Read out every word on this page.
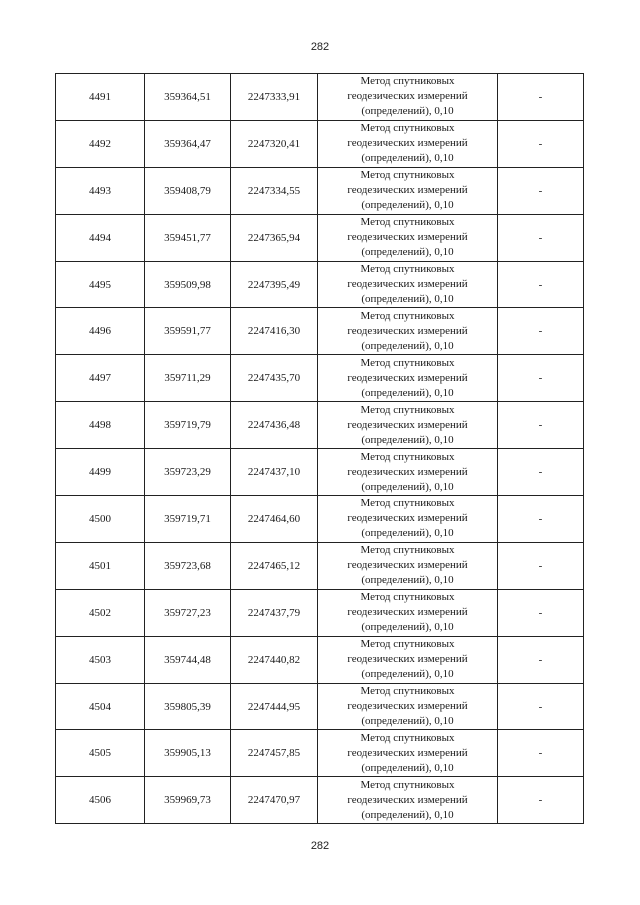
282
4491	359364,51	2247333,91	Метод спутниковых
геодезических измерений
(определений), 0,10	-
4492	359364,47	2247320,41	Метод спутниковых
геодезических измерений
(определений), 0,10	-
4493	359408,79	2247334,55	Метод спутниковых
геодезических измерений
(определений), 0,10	-
4494	359451,77	2247365,94	Метод спутниковых
геодезических измерений
(определений), 0,10	-
4495	359509,98	2247395,49	Метод спутниковых
геодезических измерений
(определений), 0,10	-
4496	359591,77	2247416,30	Метод спутниковых
геодезических измерений
(определений), 0,10	-
4497	359711,29	2247435,70	Метод спутниковых
геодезических измерений
(определений), 0,10	-
4498	359719,79	2247436,48	Метод спутниковых
геодезических измерений
(определений), 0,10	-
4499	359723,29	2247437,10	Метод спутниковых
геодезических измерений
(определений), 0,10	-
4500	359719,71	2247464,60	Метод спутниковых
геодезических измерений
(определений), 0,10	-
4501	359723,68	2247465,12	Метод спутниковых
геодезических измерений
(определений), 0,10	-
4502	359727,23	2247437,79	Метод спутниковых
геодезических измерений
(определений), 0,10	-
4503	359744,48	2247440,82	Метод спутниковых
геодезических измерений
(определений), 0,10	-
4504	359805,39	2247444,95	Метод спутниковых
геодезических измерений
(определений), 0,10	-
4505	359905,13	2247457,85	Метод спутниковых
геодезических измерений
(определений), 0,10	-
4506	359969,73	2247470,97	Метод спутниковых
геодезических измерений
(определений), 0,10	-
282
